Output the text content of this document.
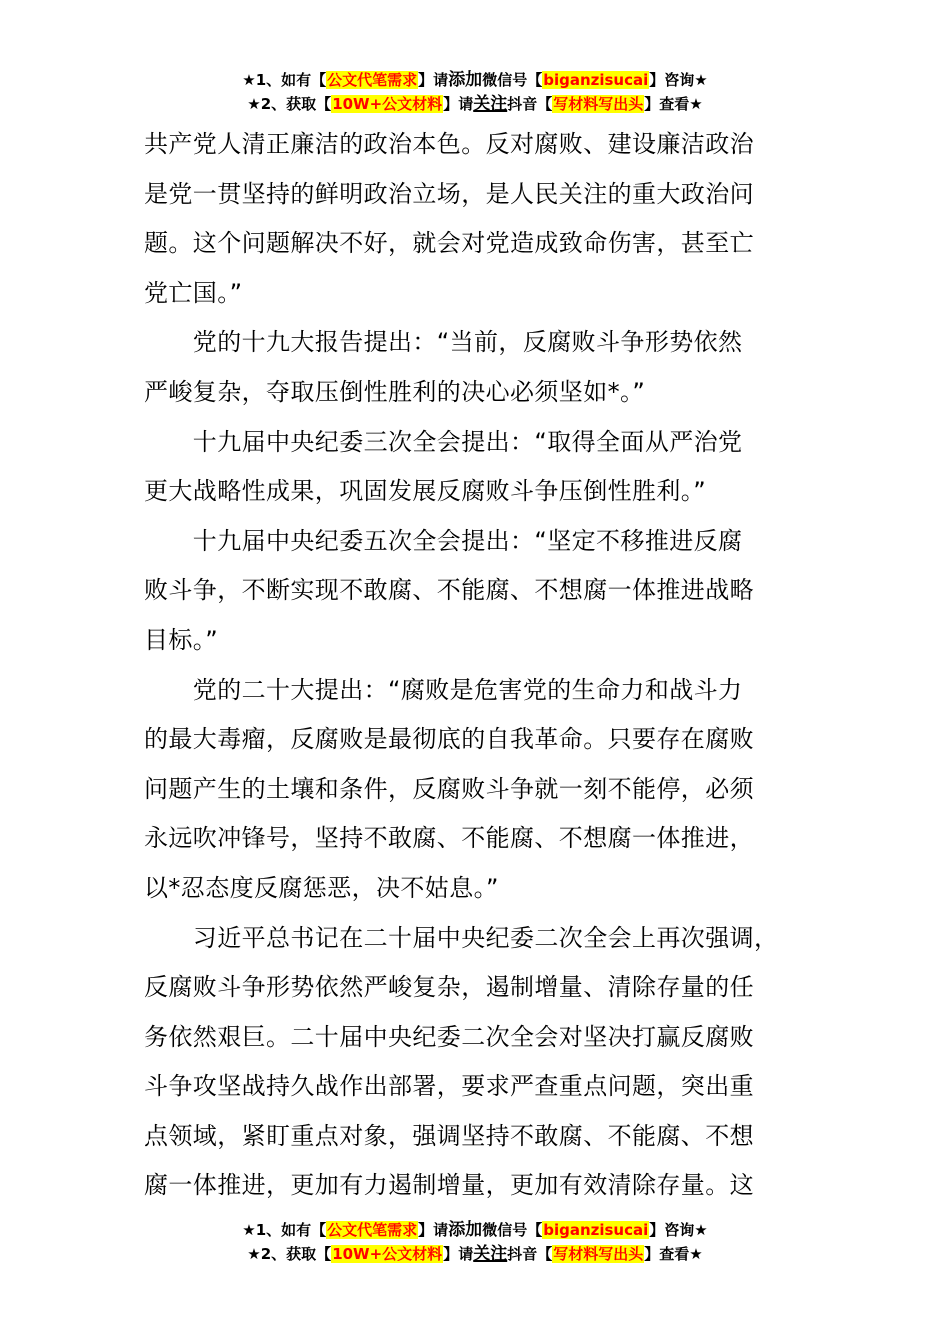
★1、如有【公文代笔需求】请添加微信号【biganzisucai】咨询★
★2、获取【10W+公文材料】请关注抖音【写材料写出头】查看★
共产党人清正廉洁的政治本色。反对腐败、建设廉洁政治
是党一贯坚持的鲜明政治立场，是人民关注的重大政治问
题。这个问题解决不好，就会对党造成致命伤害，甚至亡
党亡国。”
　　党的十九大报告提出：“当前，反腐败斗争形势依然
严峻复杂，夺取压倒性胜利的决心必须坚如*。”
　　十九届中央纪委三次全会提出：“取得全面从严治党
更大战略性成果，巩固发展反腐败斗争压倒性胜利。”
　　十九届中央纪委五次全会提出：“坚定不移推进反腐
败斗争，不断实现不敢腐、不能腐、不想腐一体推进战略
目标。”
　　党的二十大提出：“腐败是危害党的生命力和战斗力
的最大毒瘤，反腐败是最彻底的自我革命。只要存在腐败
问题产生的土壤和条件，反腐败斗争就一刻不能停，必须
永远吹冲锋号，坚持不敢腐、不能腐、不想腐一体推进，
以*忍态度反腐惩恶，决不姑息。”
　　习近平总书记在二十届中央纪委二次全会上再次强调，
反腐败斗争形势依然严峻复杂，遏制增量、清除存量的任
务依然艰巨。二十届中央纪委二次全会对坚决打赢反腐败
斗争攻坚战持久战作出部署，要求严查重点问题，突出重
点领域，紧盯重点对象，强调坚持不敢腐、不能腐、不想
腐一体推进，更加有力遏制增量，更加有效清除存量。这
★1、如有【公文代笔需求】请添加微信号【biganzisucai】咨询★
★2、获取【10W+公文材料】请关注抖音【写材料写出头】查看★
